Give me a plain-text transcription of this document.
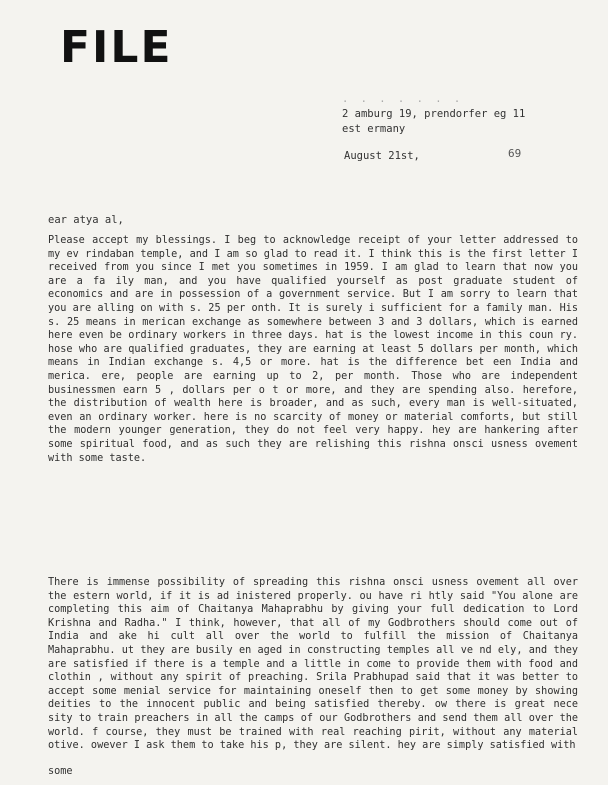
FILE
. . . . . . .
2 amburg 19, prendorfer eg 11
est ermany
August 21st,	69
ear atya al,
Please accept my blessings. I beg to acknowledge receipt of your letter addressed to my ev rindaban temple, and I am so glad to read it. I think this is the first letter I received from you since I met you sometimes in 1959. I am glad to learn that now you are a fa ily man, and you have qualified yourself as post graduate student of economics and are in possession of a government service. But I am sorry to learn that you are alling on with s. 25 per onth. It is surely i sufficient for a family man. His s. 25 means in merican exchange as somewhere between 3 and 3 dollars, which is earned here even be ordinary workers in three days. hat is the lowest income in this coun ry. hose who are qualified graduates, they are earning at least 5 dollars per month, which means in Indian exchange s. 4,5 or more. hat is the difference bet een India and merica. ere, people are earning up to 2, per month. Those who are independent businessmen earn 5 , dollars per o t or more, and they are spending also. herefore, the distribution of wealth here is broader, and as such, every man is well-situated, even an ordinary worker. here is no scarcity of money or material comforts, but still the modern younger generation, they do not feel very happy. hey are hankering after some spiritual food, and as such they are relishing this rishna onsci usness ovement with some taste.
There is immense possibility of spreading this rishna onsci usness ovement all over the estern world, if it is ad inistered properly. ou have ri htly said "You alone are completing this aim of Chaitanya Mahaprabhu by giving your full dedication to Lord Krishna and Radha." I think, however, that all of my Godbrothers should come out of India and ake hi cult all over the world to fulfill the mission of Chaitanya Mahaprabhu. ut they are busily en aged in constructing temples all ve nd ely, and they are satisfied if there is a temple and a little in come to provide them with food and clothin , without any spirit of preaching. Srila Prabhupad said that it was better to accept some menial service for maintaining oneself then to get some money by showing deities to the innocent public and being satisfied thereby. ow there is great nece sity to train preachers in all the camps of our Godbrothers and send them all over the world. f course, they must be trained with real reaching pirit, without any material otive. owever I ask them to take his p, they are silent. hey are simply satisfied with
some
